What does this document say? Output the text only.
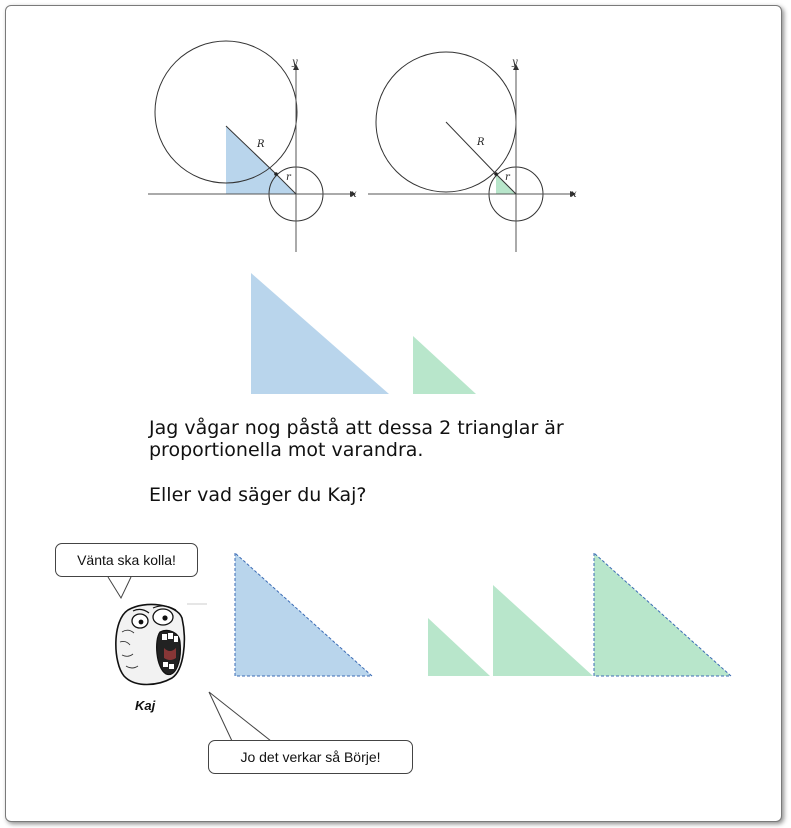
R
r
x
y
R
r
x
y
Jag vågar nog påstå att dessa 2 trianglar är
proportionella mot varandra.
Eller vad säger du Kaj?
Vänta ska kolla!
Jo det verkar så Börje!
Kaj
